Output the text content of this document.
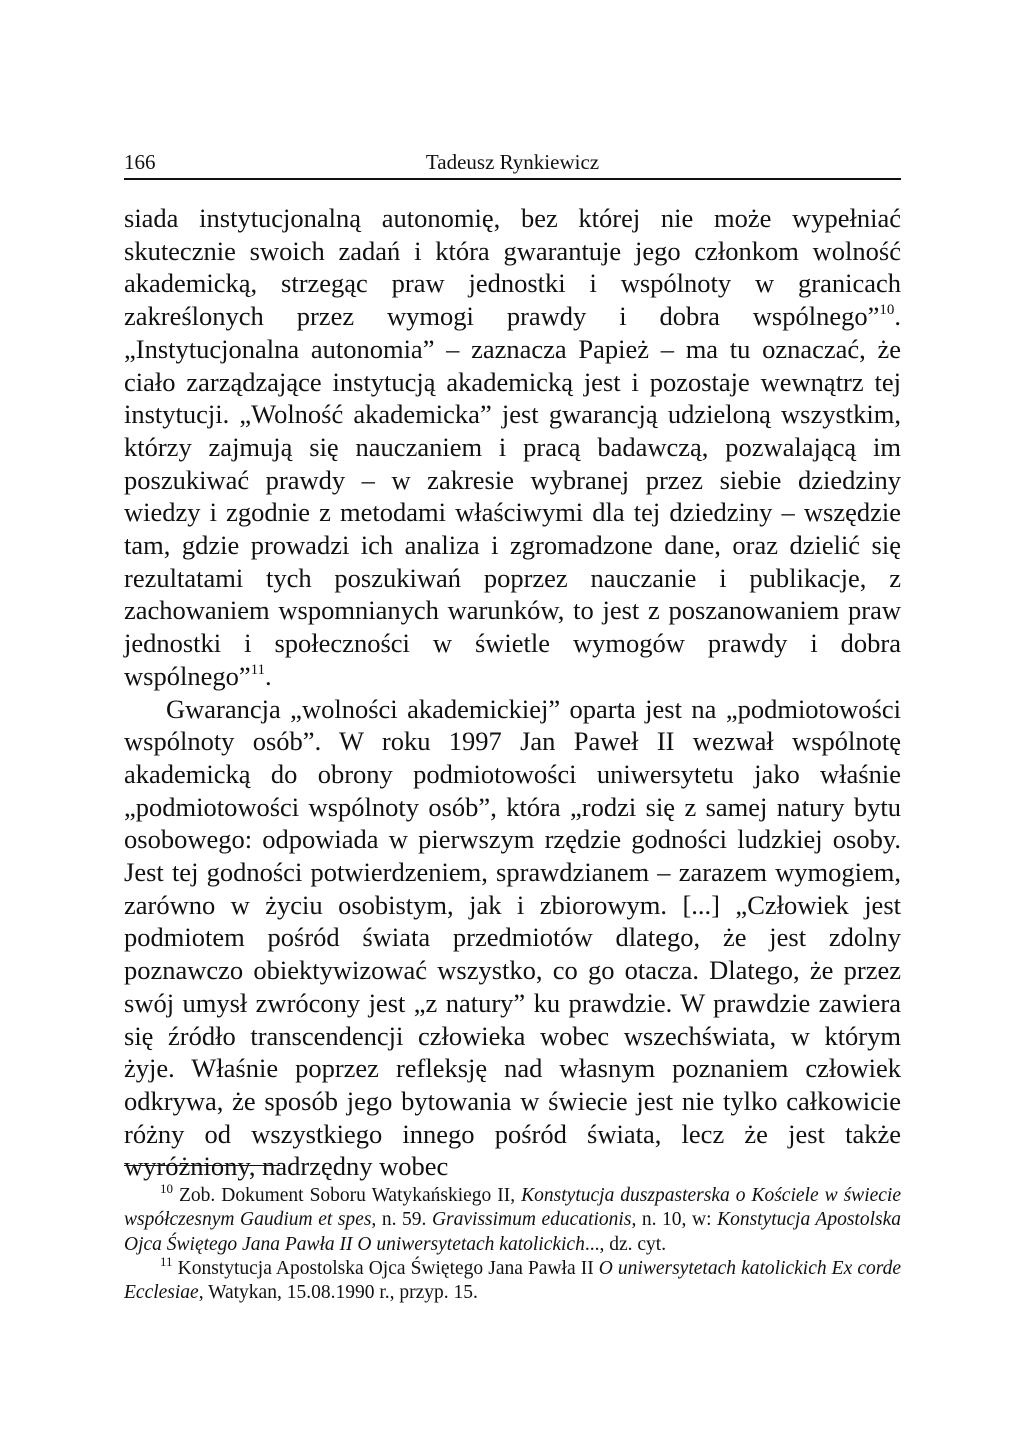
166	Tadeusz Rynkiewicz

siada instytucjonalną autonomię, bez której nie może wypełniać skutecznie swoich zadań i która gwarantuje jego członkom wolność akademicką, strzegąc praw jednostki i wspólnoty w granicach zakreślonych przez wymogi prawdy i dobra wspólnego”$^{10}$. „Instytucjonalna autonomia” – zaznacza Papież – ma tu oznaczać, że ciało zarządzające instytucją akademicką jest i pozostaje wewnątrz tej instytucji. „Wolność akademicka” jest gwarancją udzieloną wszystkim, którzy zajmują się nauczaniem i pracą badawczą, pozwalającą im poszukiwać prawdy – w zakresie wybranej przez siebie dziedziny wiedzy i zgodnie z metodami właściwymi dla tej dziedziny – wszędzie tam, gdzie prowadzi ich analiza i zgromadzone dane, oraz dzielić się rezultatami tych poszukiwań poprzez nauczanie i publikacje, z zachowaniem wspomnianych warunków, to jest z poszanowaniem praw jednostki i społeczności w świetle wymogów prawdy i dobra wspólnego”$^{11}$.

Gwarancja „wolności akademickiej” oparta jest na „podmiotowości wspólnoty osób”. W roku 1997 Jan Paweł II wezwał wspólnotę akademicką do obrony podmiotowości uniwersytetu jako właśnie „podmiotowości wspólnoty osób”, która „rodzi się z samej natury bytu osobowego: odpowiada w pierwszym rzędzie godności ludzkiej osoby. Jest tej godności potwierdzeniem, sprawdzianem – zarazem wymogiem, zarówno w życiu osobistym, jak i zbiorowym. [...] „Człowiek jest podmiotem pośród świata przedmiotów dlatego, że jest zdolny poznawczo obiektywizować wszystko, co go otacza. Dlatego, że przez swój umysł zwrócony jest „z natury” ku prawdzie. W prawdzie zawiera się źródło transcendencji człowieka wobec wszechświata, w którym żyje. Właśnie poprzez refleksję nad własnym poznaniem człowiek odkrywa, że sposób jego bytowania w świecie jest nie tylko całkowicie różny od wszystkiego innego pośród świata, lecz że jest także wyróżniony, nadrzędny wobec

$^{10}$ Zob. Dokument Soboru Watykańskiego II, Konstytucja duszpasterska o Kościele w świecie współczesnym Gaudium et spes, n. 59. Gravissimum educationis, n. 10, w: Konstytucja Apostolska Ojca Świętego Jana Pawła II O uniwersytetach katolickich..., dz. cyt.

$^{11}$ Konstytucja Apostolska Ojca Świętego Jana Pawła II O uniwersytetach katolickich Ex corde Ecclesiae, Watykan, 15.08.1990 r., przyp. 15.
